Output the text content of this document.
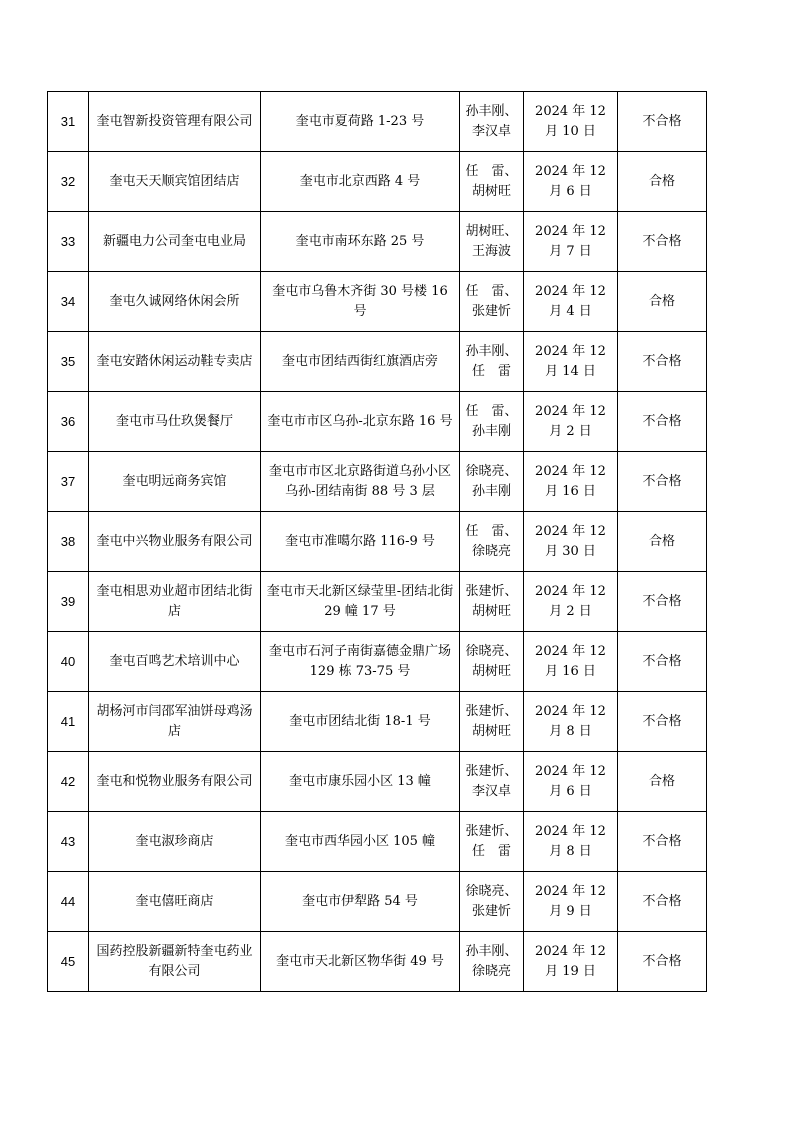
31	奎屯智新投资管理有限公司	奎屯市夏荷路 1-23 号	孙丰刚、李汉卓	2024 年 12 月 10 日	不合格
32	奎屯天天顺宾馆团结店	奎屯市北京西路 4 号	任　雷、胡树旺	2024 年 12 月 6 日	合格
33	新疆电力公司奎屯电业局	奎屯市南环东路 25 号	胡树旺、王海波	2024 年 12 月 7 日	不合格
34	奎屯久诚网络休闲会所	奎屯市乌鲁木齐街 30 号楼 16 号	任　雷、张建忻	2024 年 12 月 4 日	合格
35	奎屯安踏休闲运动鞋专卖店	奎屯市团结西街红旗酒店旁	孙丰刚、任　雷	2024 年 12 月 14 日	不合格
36	奎屯市马仕玖煲餐厅	奎屯市市区乌孙-北京东路 16 号	任　雷、孙丰刚	2024 年 12 月 2 日	不合格
37	奎屯明远商务宾馆	奎屯市市区北京路街道乌孙小区乌孙-团结南街 88 号 3 层	徐晓亮、孙丰刚	2024 年 12 月 16 日	不合格
38	奎屯中兴物业服务有限公司	奎屯市准噶尔路 116-9 号	任　雷、徐晓亮	2024 年 12 月 30 日	合格
39	奎屯相思劝业超市团结北街店	奎屯市天北新区绿莹里-团结北街 29 幢 17 号	张建忻、胡树旺	2024 年 12 月 2 日	不合格
40	奎屯百鸣艺术培训中心	奎屯市石河子南街嘉德金鼎广场 129 栋 73-75 号	徐晓亮、胡树旺	2024 年 12 月 16 日	不合格
41	胡杨河市闫邵军油饼母鸡汤店	奎屯市团结北街 18-1 号	张建忻、胡树旺	2024 年 12 月 8 日	不合格
42	奎屯和悦物业服务有限公司	奎屯市康乐园小区 13 幢	张建忻、李汉卓	2024 年 12 月 6 日	合格
43	奎屯淑珍商店	奎屯市西华园小区 105 幢	张建忻、任　雷	2024 年 12 月 8 日	不合格
44	奎屯僖旺商店	奎屯市伊犁路 54 号	徐晓亮、张建忻	2024 年 12 月 9 日	不合格
45	国药控股新疆新特奎屯药业有限公司	奎屯市天北新区物华街 49 号	孙丰刚、徐晓亮	2024 年 12 月 19 日	不合格
